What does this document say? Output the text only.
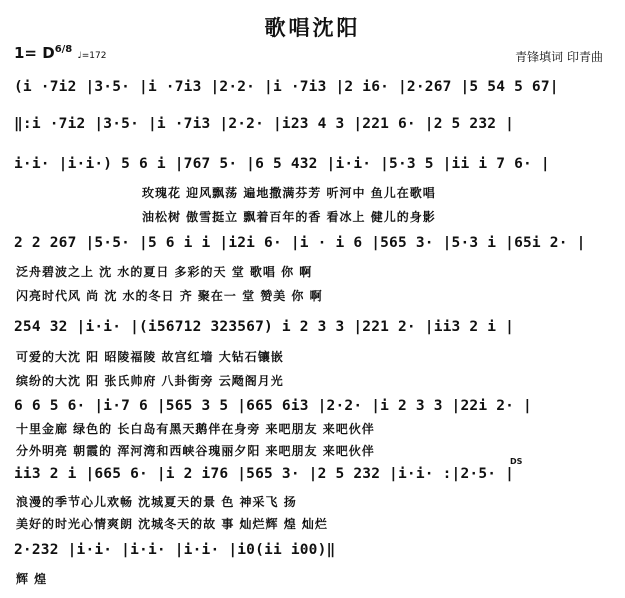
歌唱沈阳
$1= D^{6/8}$ ♩=172	青锋填词 印青曲
(i ·7i2 |3·5· |i ·7i3 |2·2· |i ·7i3 |2 i6· |2·267 |5 54 5 67|
‖:i ·7i2 |3·5· |i ·7i3 |2·2· |i23 4 3 |221 6· |2 5 232 |
i·i· |i·i·) 5 6 i |767 5· |6 5 432 |i·i· |5·3 5 |ii i 7 6· |
玫瑰花 迎风飘荡 遍地撒满芬芳 听河中 鱼儿在歌唱
油松树 傲雪挺立 飘着百年的香 看冰上 健儿的身影
2 2 267 |5·5· |5 6 i i |i2i 6· |i · i 6 |565 3· |5·3 i |65i 2· |
泛舟碧波之上 沈 水的夏日 多彩的天 堂 歌唱 你 啊
闪亮时代风 尚 沈 水的冬日 齐 聚在一 堂 赞美 你 啊
254 32 |i·i· |(i56712 323567) i 2 3 3 |221 2· |ii3 2 i |
可爱的大沈 阳 昭陵福陵 故宫红墙 大钻石镶嵌
缤纷的大沈 阳 张氏帅府 八卦街旁 云飏阁月光
6 6 5 6· |i·7 6 |565 3 5 |665 6i3 |2·2· |i 2 3 3 |22i 2· |
十里金廊 绿色的 长白岛有黑天鹅伴在身旁 来吧朋友 来吧伙伴
分外明亮 朝霞的 浑河湾和西峡谷瑰丽夕阳 来吧朋友 来吧伙伴
DS
ii3 2 i |665 6· |i 2 i76 |565 3· |2 5 232 |i·i· :|2·5· |
浪漫的季节心儿欢畅 沈城夏天的景 色 神采飞 扬
美好的时光心情爽朗 沈城冬天的故 事 灿烂辉 煌 灿烂
2·232 |i·i· |i·i· |i·i· |i0(ii i00)‖
辉 煌
